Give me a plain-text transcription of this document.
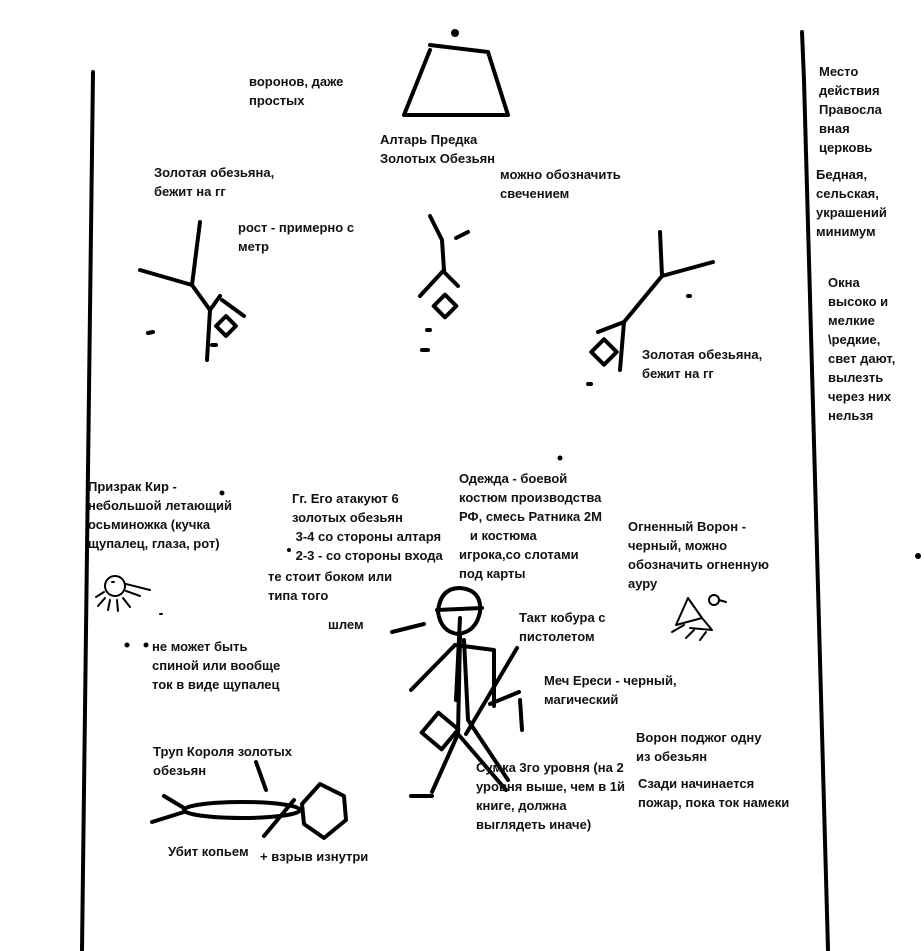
воронов, даже
простых

Алтарь Предка
Золотых Обезьян

можно обозначить
свечением

Место
действия
Правосла
вная
церковь

Бедная,
сельская,
украшений
минимум

Окна
высоко и
мелкие
\редкие,
свет дают,
вылезть
через них
нельзя

Золотая обезьяна,
бежит на гг

рост - примерно с
метр

Золотая обезьяна,
бежит на гг

Призрак Кир -
небольшой летающий
осьминожка (кучка
щупалец, глаза, рот)

Гг. Его атакуют 6
золотых обезьян
3-4 со стороны алтаря
2-3 - со стороны входа

те стоит боком или
типа того

Одежда - боевой
костюм производства
РФ, смесь Ратника 2М
и костюма
игрока,со слотами
под карты

Огненный Ворон -
черный, можно
обозначить огненную
ауру

шлем	Такт кобура с
пистолетом

не может быть
спиной или вообще
ток в виде щупалец	Меч Ереси - черный,
магический

Ворон поджог одну
из обезьян

Сзади начинается
пожар, пока ток намеки

Труп Короля золотых
обезьян	Сумка 3го уровня (на 2
уровня выше, чем в 1й
книге, должна
выглядеть иначе)

Убит копьем + взрыв изнутри
